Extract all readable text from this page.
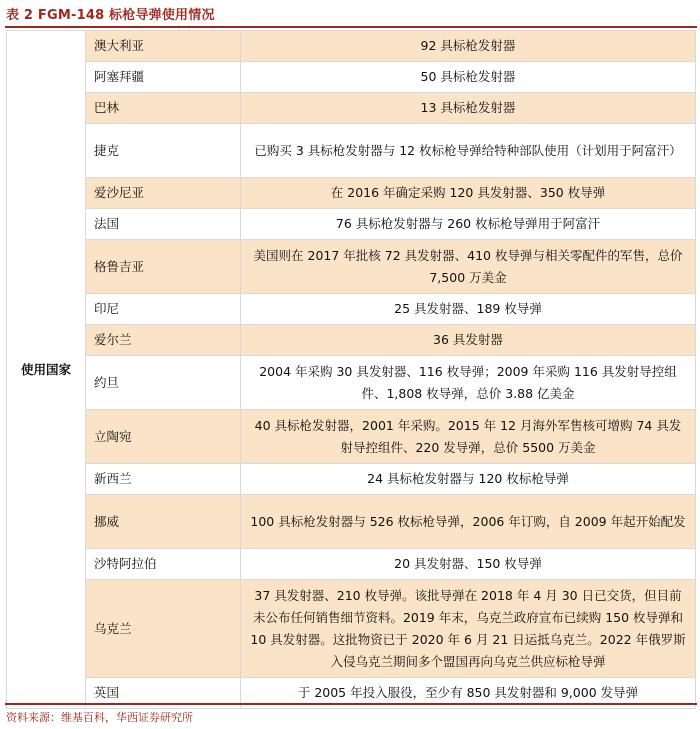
表 2 FGM-148 标枪导弹使用情况
使用国家	澳大利亚	92 具标枪发射器
	阿塞拜疆	50 具标枪发射器
	巴林	13 具标枪发射器
	捷克	已购买 3 具标枪发射器与 12 枚标枪导弹给特种部队使用（计划用于阿富汗）
	爱沙尼亚	在 2016 年确定采购 120 具发射器、350 枚导弹
	法国	76 具标枪发射器与 260 枚标枪导弹用于阿富汗
	格鲁吉亚	美国则在 2017 年批核 72 具发射器、410 枚导弹与相关零配件的军售，总价 7,500 万美金
	印尼	25 具发射器、189 枚导弹
	爱尔兰	36 具发射器
	约旦	2004 年采购 30 具发射器、116 枚导弹；2009 年采购 116 具发射导控组件、1,808 枚导弹，总价 3.88 亿美金
	立陶宛	40 具标枪发射器，2001 年采购。2015 年 12 月海外军售核可增购 74 具发射导控组件、220 发导弹，总价 5500 万美金
	新西兰	24 具标枪发射器与 120 枚标枪导弹
	挪威	100 具标枪发射器与 526 枚标枪导弹，2006 年订购，自 2009 年起开始配发
	沙特阿拉伯	20 具发射器、150 枚导弹
	乌克兰	37 具发射器、210 枚导弹。该批导弹在 2018 年 4 月 30 日已交货，但目前未公布任何销售细节资料。2019 年末，乌克兰政府宣布已续购 150 枚导弹和 10 具发射器。这批物资已于 2020 年 6 月 21 日运抵乌克兰。2022 年俄罗斯入侵乌克兰期间多个盟国再向乌克兰供应标枪导弹
	英国	于 2005 年投入服役，至少有 850 具发射器和 9,000 发导弹
资料来源：维基百科，华西证券研究所
